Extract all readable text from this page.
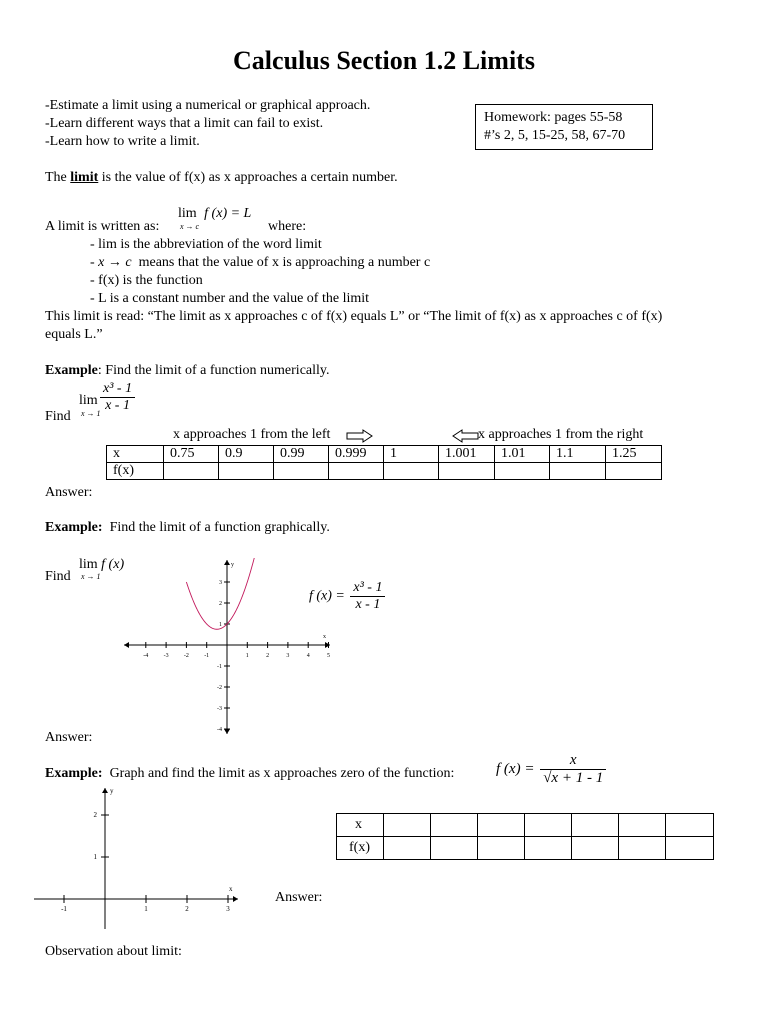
Calculus Section 1.2 Limits
-Estimate a limit using a numerical or graphical approach.
-Learn different ways that a limit can fail to exist.
-Learn how to write a limit.
Homework: pages 55-58
#’s 2, 5, 15-25, 58, 67-70
The limit is the value of f(x) as x approaches a certain number.
lim f (x) = L
x → c
A limit is written as:	where:
- lim is the abbreviation of the word limit
- x → c means that the value of x is approaching a number c
- f(x) is the function
- L is a constant number and the value of the limit
This limit is read: “The limit as x approaches c of f(x) equals L” or “The limit of f(x) as x approaches c of f(x)
equals L.”
Example: Find the limit of a function numerically.
Find
lim
$x \to 1 \frac{\text{x³ - 1}}{x - 1}$
x approaches 1 from the left	x approaches 1 from the right
x	0.75	0.9	0.99	0.999	1	1.001	1.01	1.1	1.25
f(x)									
Answer:
Example:  Find the limit of a function graphically.
Find
lim f (x)
x → 1
-4	-3	-2	-1	1	2	3	4	5
3
2
1
-1
-2
-3
-4
x
y
f $(x) = \frac{\text{x³ - 1}}{x - 1}$
Answer:
Example:  Graph and find the limit as x approaches zero of the function:	f $(x) = \frac{x}{√x + 1 - 1}$
-1	1	2	3
2
1
x
y
x							
f(x)							
Answer:
Observation about limit:
